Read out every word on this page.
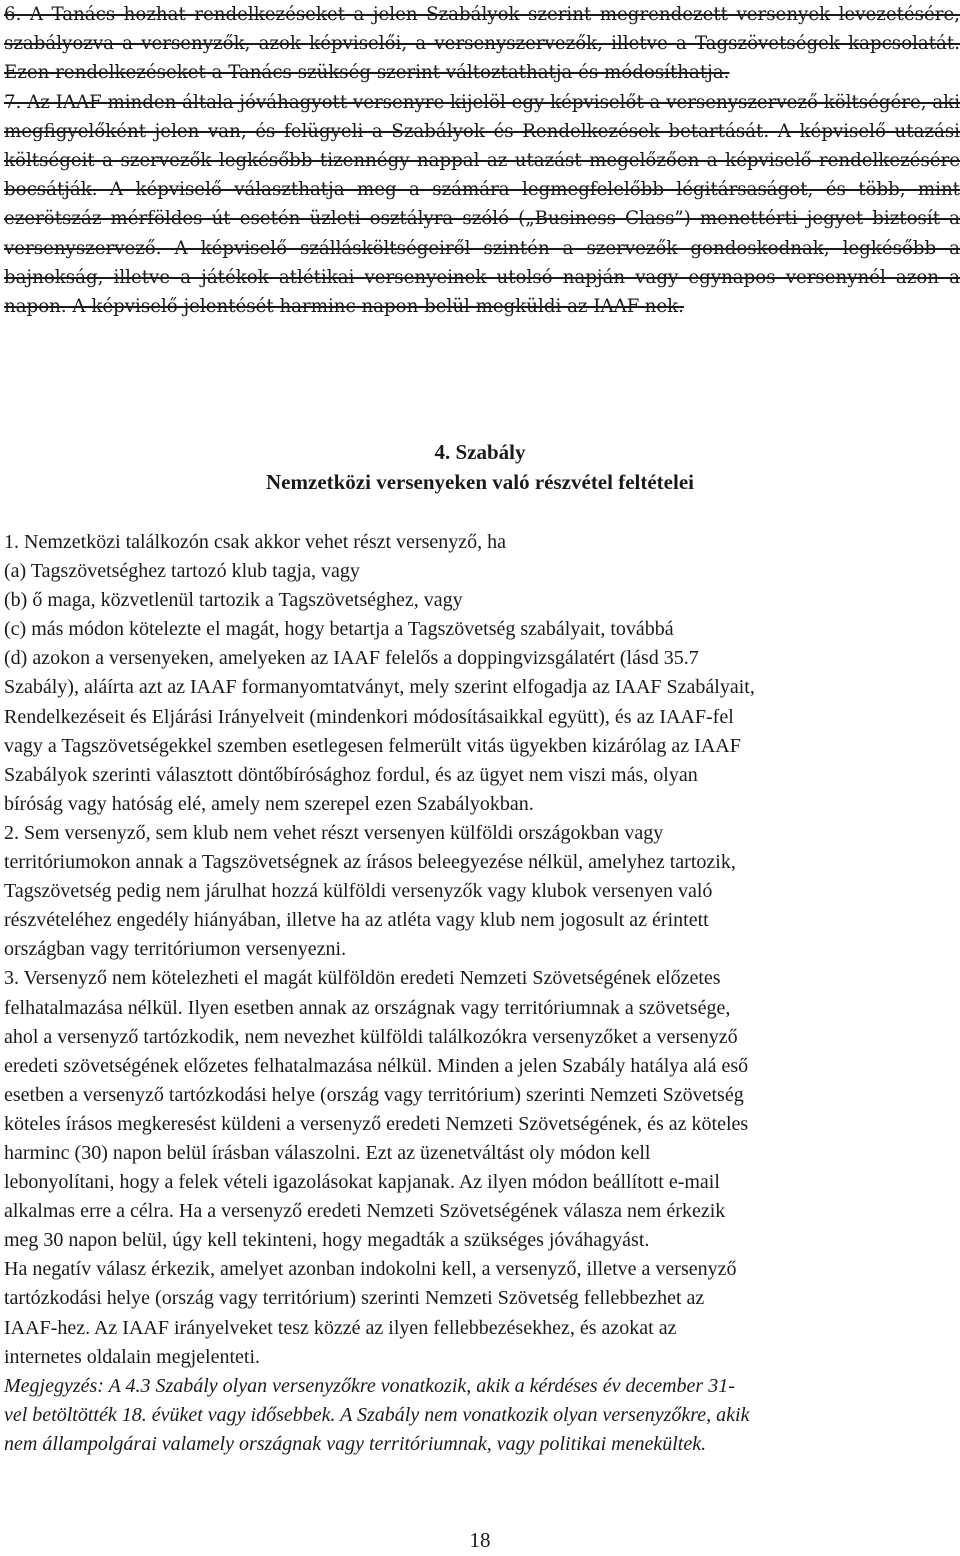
6. A Tanács hozhat rendelkezéseket a jelen Szabályok szerint megrendezett versenyek levezetésére, szabályozva a versenyzők, azok képviselői, a versenyszervezők, illetve a Tagszövetségek kapcsolatát. Ezen rendelkezéseket a Tanács szükség szerint változtathatja és módosíthatja.

7. Az IAAF minden általa jóváhagyott versenyre kijelöl egy képviselőt a versenyszervező költségére, aki megfigyelőként jelen van, és felügyeli a Szabályok és Rendelkezések betartását. A képviselő utazási költségeit a szervezők legkésőbb tizennégy nappal az utazást megelőzően a képviselő rendelkezésére bocsátják. A képviselő választhatja meg a számára legmegfelelőbb légitársaságot, és több, mint ezerötszáz mérföldes út esetén üzleti osztályra szóló („Business Class”) menettérti jegyet biztosít a versenyszervező. A képviselő szállásköltségeiről szintén a szervezők gondoskodnak, legkésőbb a bajnokság, illetve a játékok atlétikai versenyeinek utolsó napján vagy egynapos versenynél azon a napon. A képviselő jelentését harminc napon belül megküldi az IAAF-nek.

4. Szabály
Nemzetközi versenyeken való részvétel feltételei
1. Nemzetközi találkozón csak akkor vehet részt versenyző, ha
(a) Tagszövetséghez tartozó klub tagja, vagy
(b) ő maga, közvetlenül tartozik a Tagszövetséghez, vagy
(c) más módon kötelezte el magát, hogy betartja a Tagszövetség szabályait, továbbá
(d) azokon a versenyeken, amelyeken az IAAF felelős a doppingvizsgálatért (lásd 35.7
Szabály), aláírta azt az IAAF formanyomtatványt, mely szerint elfogadja az IAAF Szabályait,
Rendelkezéseit és Eljárási Irányelveit (mindenkori módosításaikkal együtt), és az IAAF-fel
vagy a Tagszövetségekkel szemben esetlegesen felmerült vitás ügyekben kizárólag az IAAF
Szabályok szerinti választott döntőbírósághoz fordul, és az ügyet nem viszi más, olyan
bíróság vagy hatóság elé, amely nem szerepel ezen Szabályokban.
2. Sem versenyző, sem klub nem vehet részt versenyen külföldi országokban vagy
territóriumokon annak a Tagszövetségnek az írásos beleegyezése nélkül, amelyhez tartozik,
Tagszövetség pedig nem járulhat hozzá külföldi versenyzők vagy klubok versenyen való
részvételéhez engedély hiányában, illetve ha az atléta vagy klub nem jogosult az érintett
országban vagy territóriumon versenyezni.
3. Versenyző nem kötelezheti el magát külföldön eredeti Nemzeti Szövetségének előzetes
felhatalmazása nélkül. Ilyen esetben annak az országnak vagy territóriumnak a szövetsége,
ahol a versenyző tartózkodik, nem nevezhet külföldi találkozókra versenyzőket a versenyző
eredeti szövetségének előzetes felhatalmazása nélkül. Minden a jelen Szabály hatálya alá eső
esetben a versenyző tartózkodási helye (ország vagy territórium) szerinti Nemzeti Szövetség
köteles írásos megkeresést küldeni a versenyző eredeti Nemzeti Szövetségének, és az köteles
harminc (30) napon belül írásban válaszolni. Ezt az üzenetváltást oly módon kell
lebonyolítani, hogy a felek vételi igazolásokat kapjanak. Az ilyen módon beállított e-mail
alkalmas erre a célra. Ha a versenyző eredeti Nemzeti Szövetségének válasza nem érkezik
meg 30 napon belül, úgy kell tekinteni, hogy megadták a szükséges jóváhagyást.
Ha negatív válasz érkezik, amelyet azonban indokolni kell, a versenyző, illetve a versenyző
tartózkodási helye (ország vagy territórium) szerinti Nemzeti Szövetség fellebbezhet az
IAAF-hez. Az IAAF irányelveket tesz közzé az ilyen fellebbezésekhez, és azokat az
internetes oldalain megjelenteti.
Megjegyzés: A 4.3 Szabály olyan versenyzőkre vonatkozik, akik a kérdéses év december 31-
vel betöltötték 18. évüket vagy idősebbek. A Szabály nem vonatkozik olyan versenyzőkre, akik
nem állampolgárai valamely országnak vagy territóriumnak, vagy politikai menekültek.
18
